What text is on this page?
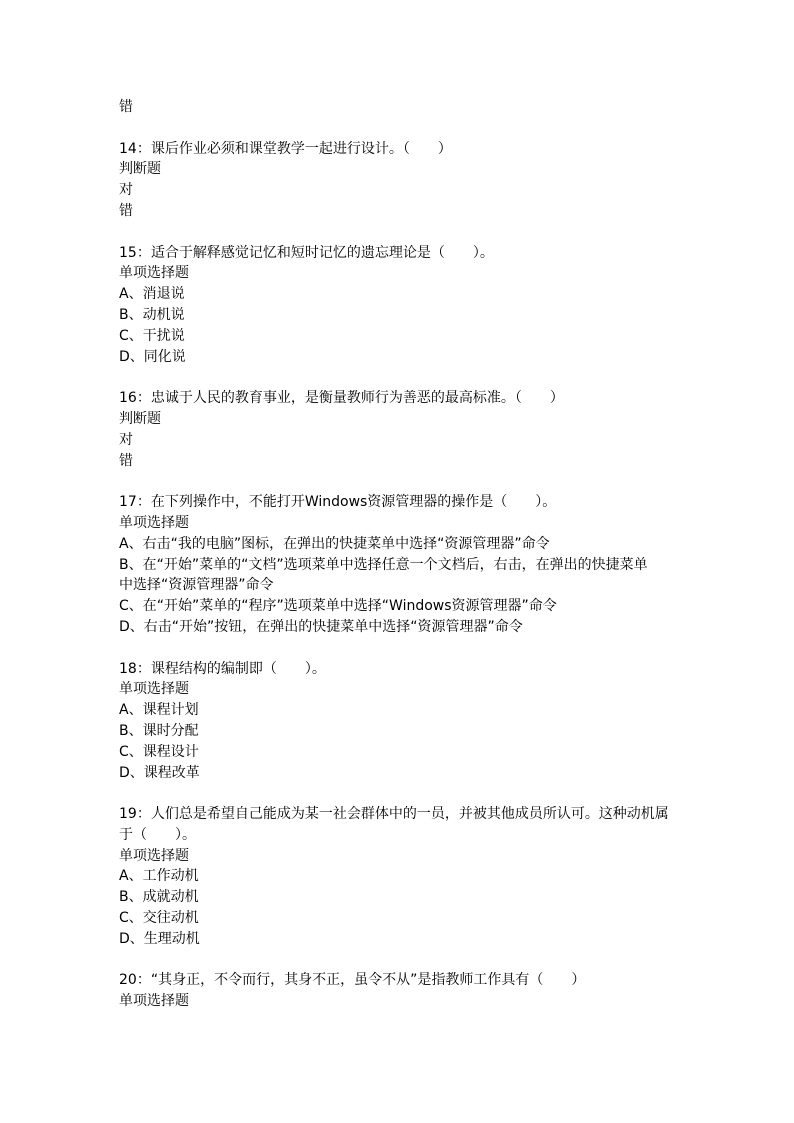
错
14：课后作业必须和课堂教学一起进行设计。（　　）
判断题
对
错
15：适合于解释感觉记忆和短时记忆的遗忘理论是（　　）。
单项选择题
A、消退说
B、动机说
C、干扰说
D、同化说
16：忠诚于人民的教育事业，是衡量教师行为善恶的最高标准。（　　）
判断题
对
错
17：在下列操作中，不能打开Windows资源管理器的操作是（　　）。
单项选择题
A、右击“我的电脑”图标，在弹出的快捷菜单中选择“资源管理器”命令
B、在“开始”菜单的“文档”选项菜单中选择任意一个文档后，右击，在弹出的快捷菜单
中选择“资源管理器”命令
C、在“开始”菜单的“程序”选项菜单中选择“Windows资源管理器”命令
D、右击“开始”按钮，在弹出的快捷菜单中选择“资源管理器”命令
18：课程结构的编制即（　　）。
单项选择题
A、课程计划
B、课时分配
C、课程设计
D、课程改革
19：人们总是希望自己能成为某一社会群体中的一员，并被其他成员所认可。这种动机属
于（　　）。
单项选择题
A、工作动机
B、成就动机
C、交往动机
D、生理动机
20：“其身正，不令而行，其身不正，虽令不从”是指教师工作具有（　　）
单项选择题
